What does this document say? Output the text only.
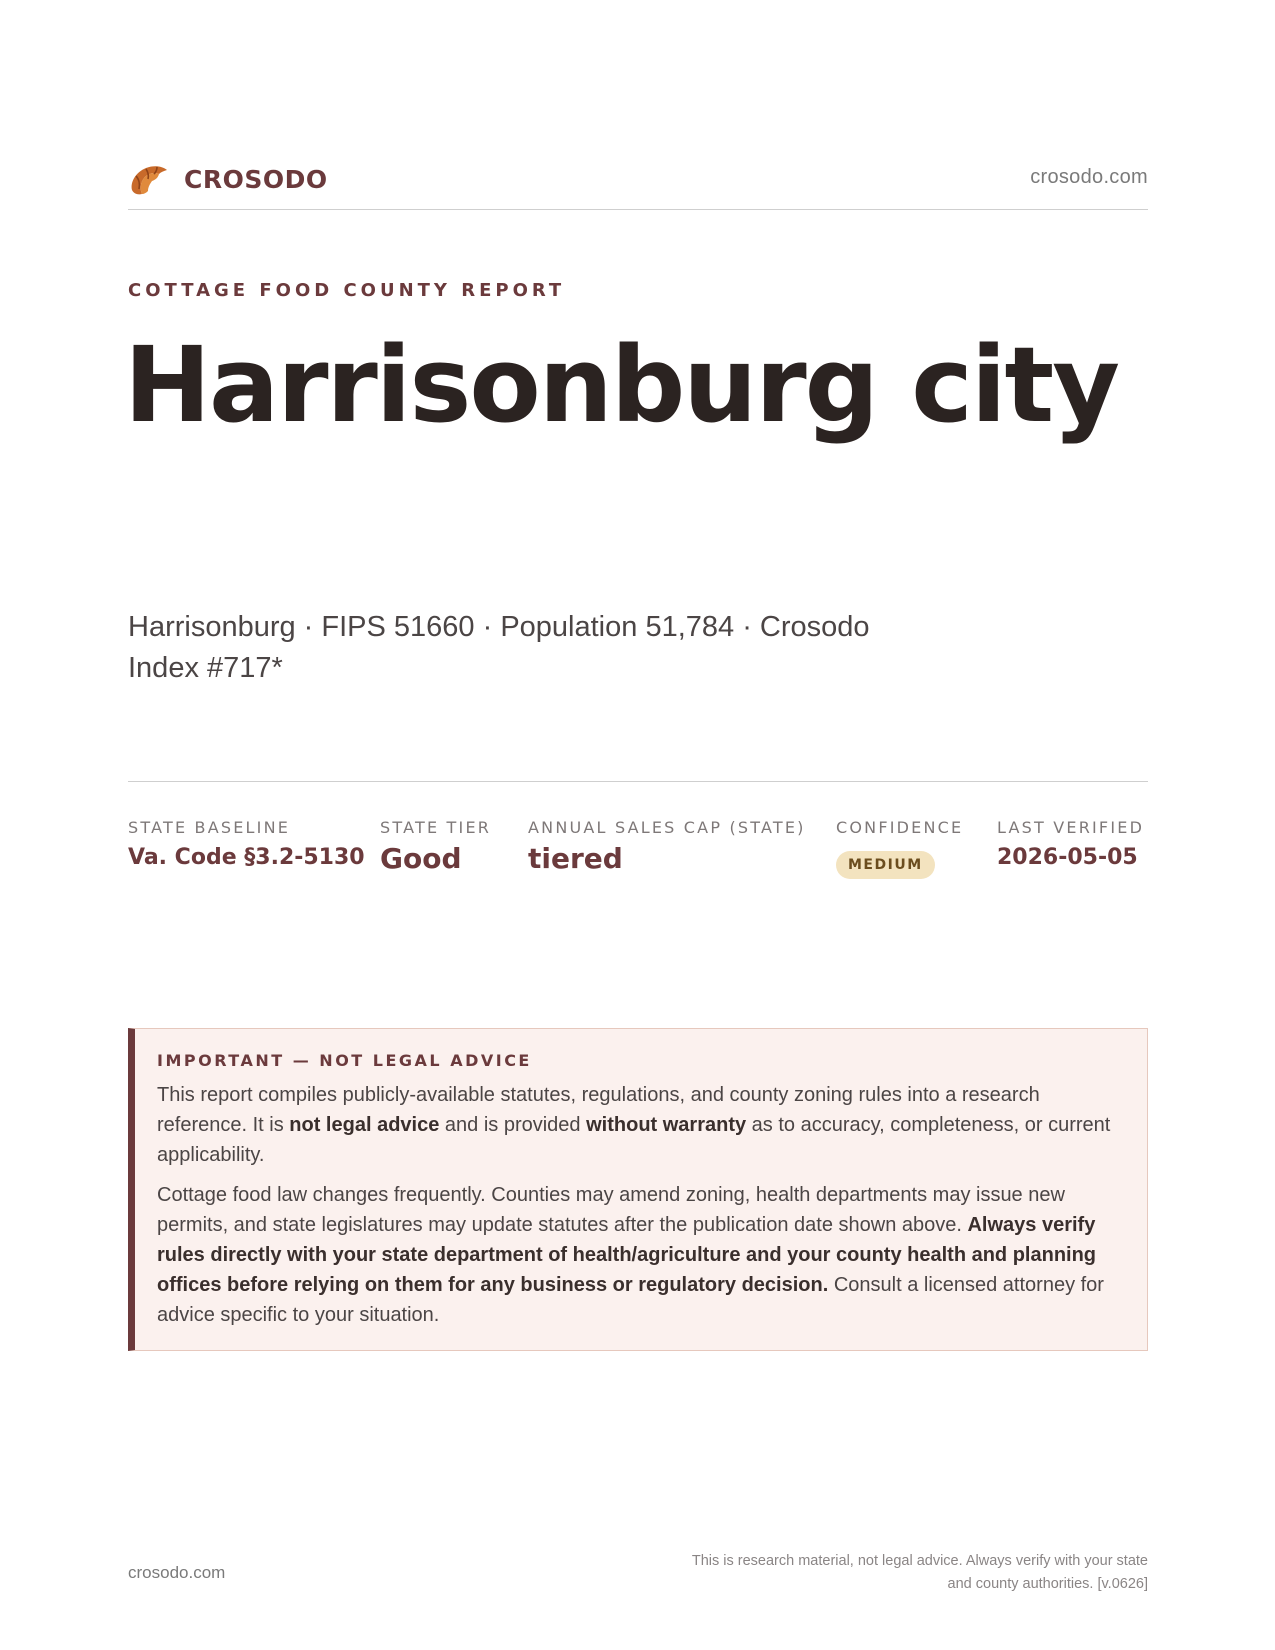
CROSODO	crosodo.com
COTTAGE FOOD COUNTY REPORT
Harrisonburg city
Harrisonburg · FIPS 51660 · Population 51,784 · Crosodo
Index #717*
STATE BASELINE
Va. Code §3.2-5130
STATE TIER
Good
ANNUAL SALES CAP (STATE)
tiered
CONFIDENCE
MEDIUM
LAST VERIFIED
2026-05-05
IMPORTANT — NOT LEGAL ADVICE

This report compiles publicly-available statutes, regulations, and county zoning rules into a research reference. It is not legal advice and is provided without warranty as to accuracy, completeness, or current applicability.

Cottage food law changes frequently. Counties may amend zoning, health departments may issue new permits, and state legislatures may update statutes after the publication date shown above. Always verify rules directly with your state department of health/agriculture and your county health and planning offices before relying on them for any business or regulatory decision. Consult a licensed attorney for advice specific to your situation.

crosodo.com
This is research material, not legal advice. Always verify with your state
and county authorities. [v.0626]
